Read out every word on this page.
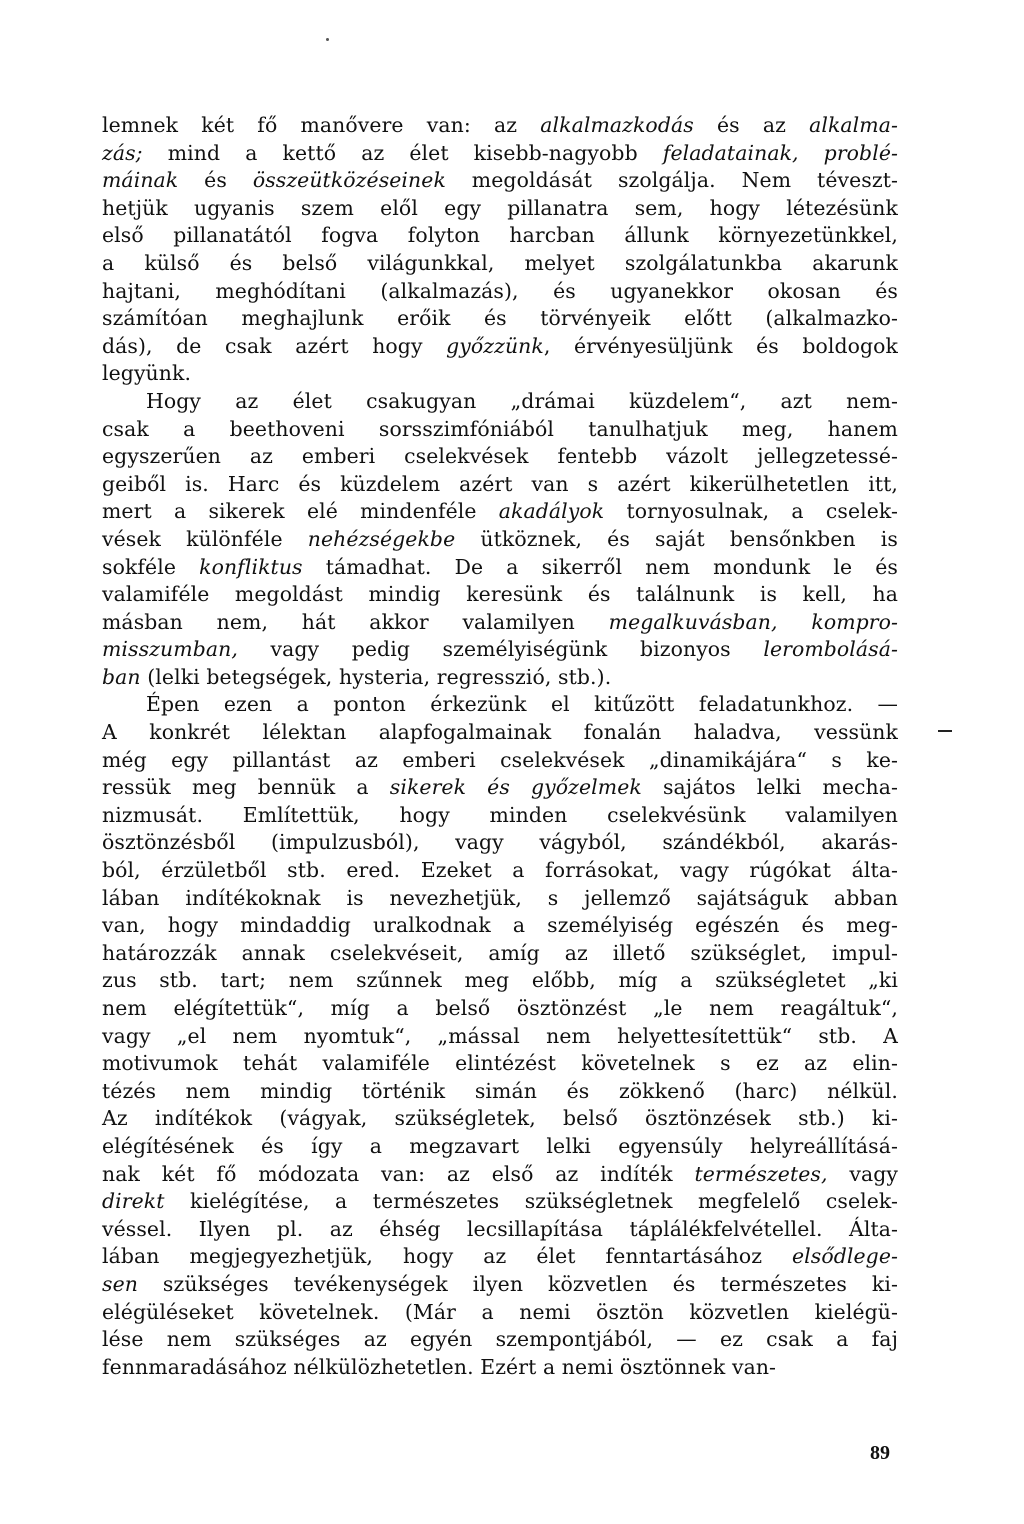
lemnek két fő manővere van: az alkalmazkodás és az alkalma-
zás; mind a kettő az élet kisebb-nagyobb feladatainak, problé-
máinak és összeütközéseinek megoldását szolgálja. Nem téveszt-
hetjük ugyanis szem elől egy pillanatra sem, hogy létezésünk
első pillanatától fogva folyton harcban állunk környezetünkkel,
a külső és belső világunkkal, melyet szolgálatunkba akarunk
hajtani, meghódítani (alkalmazás), és ugyanekkor okosan és
számítóan meghajlunk erőik és törvényeik előtt (alkalmazko-
dás), de csak azért hogy győzzünk, érvényesüljünk és boldogok
legyünk.
Hogy az élet csakugyan „drámai küzdelem“, azt nem-
csak a beethoveni sorsszimfóniából tanulhatjuk meg, hanem
egyszerűen az emberi cselekvések fentebb vázolt jellegzetessé-
geiből is. Harc és küzdelem azért van s azért kikerülhetetlen itt,
mert a sikerek elé mindenféle akadályok tornyosulnak, a cselek-
vések különféle nehézségekbe ütköznek, és saját bensőnkben is
sokféle konfliktus támadhat. De a sikerről nem mondunk le és
valamiféle megoldást mindig keresünk és találnunk is kell, ha
másban nem, hát akkor valamilyen megalkuvásban, kompro-
misszumban, vagy pedig személyiségünk bizonyos lerombolásá-
ban (lelki betegségek, hysteria, regresszió, stb.).
Épen ezen a ponton érkezünk el kitűzött feladatunkhoz. —
A konkrét lélektan alapfogalmainak fonalán haladva, vessünk
még egy pillantást az emberi cselekvések „dinamikájára“ s ke-
ressük meg bennük a sikerek és győzelmek sajátos lelki mecha-
nizmusát. Említettük, hogy minden cselekvésünk valamilyen
ösztönzésből (impulzusból), vagy vágyból, szándékból, akarás-
ból, érzületből stb. ered. Ezeket a forrásokat, vagy rúgókat álta-
lában indítékoknak is nevezhetjük, s jellemző sajátságuk abban
van, hogy mindaddig uralkodnak a személyiség egészén és meg-
határozzák annak cselekvéseit, amíg az illető szükséglet, impul-
zus stb. tart; nem szűnnek meg előbb, míg a szükségletet „ki
nem elégítettük“, míg a belső ösztönzést „le nem reagáltuk“,
vagy „el nem nyomtuk“, „mással nem helyettesítettük“ stb. A
motivumok tehát valamiféle elintézést követelnek s ez az elin-
tézés nem mindig történik simán és zökkenő (harc) nélkül.
Az indítékok (vágyak, szükségletek, belső ösztönzések stb.) ki-
elégítésének és így a megzavart lelki egyensúly helyreállításá-
nak két fő módozata van: az első az indíték természetes, vagy
direkt kielégítése, a természetes szükségletnek megfelelő cselek-
véssel. Ilyen pl. az éhség lecsillapítása táplálékfelvétellel. Álta-
lában megjegyezhetjük, hogy az élet fenntartásához elsődlege-
sen szükséges tevékenységek ilyen közvetlen és természetes ki-
elégüléseket követelnek. (Már a nemi ösztön közvetlen kielégü-
lése nem szükséges az egyén szempontjából, — ez csak a faj
fennmaradásához nélkülözhetetlen. Ezért a nemi ösztönnek van-
89
